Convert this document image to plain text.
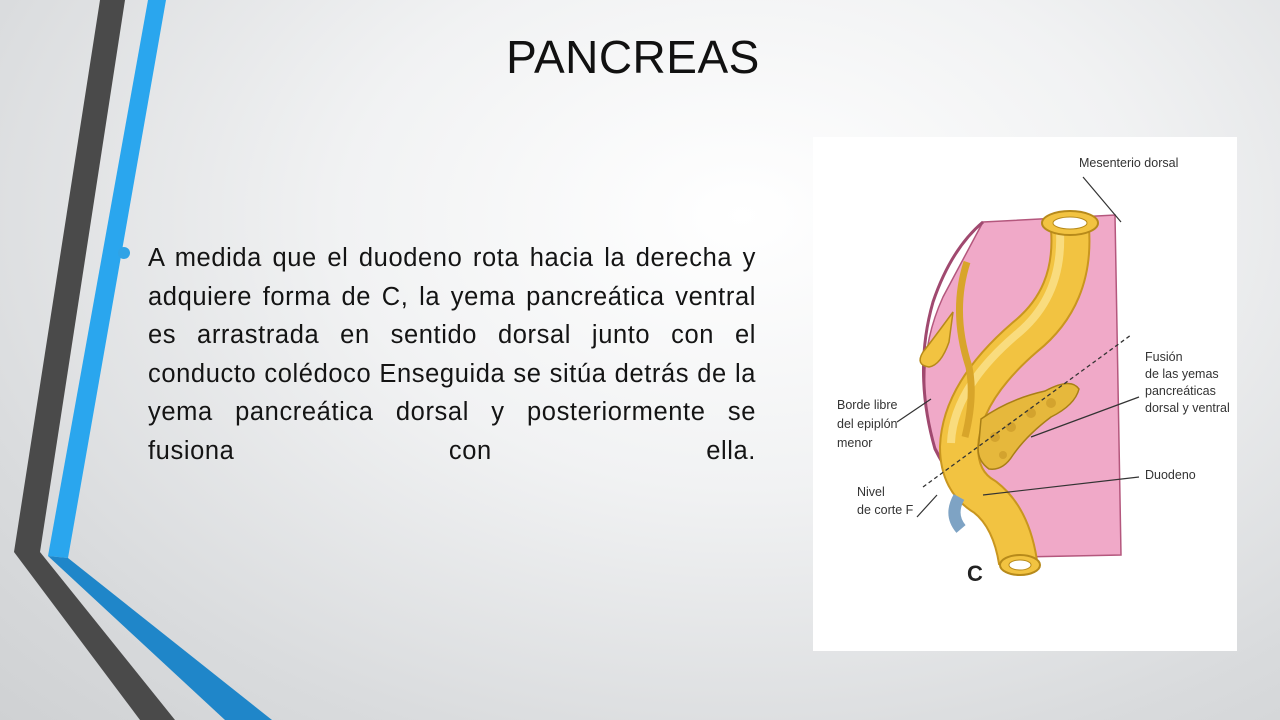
PANCREAS

A medida que el duodeno rota hacia la derecha y adquiere forma de C, la yema pancreática ventral es arrastrada en sentido dorsal junto con el conducto colédoco Enseguida se sitúa detrás de la yema pancreática dorsal y posteriormente se fusiona con ella.

Mesenterio dorsal

Fusión

de las yemas

pancreáticas

dorsal y ventral

Borde libre

del epiplón

menor

Duodeno

Nivel

de corte F

C
